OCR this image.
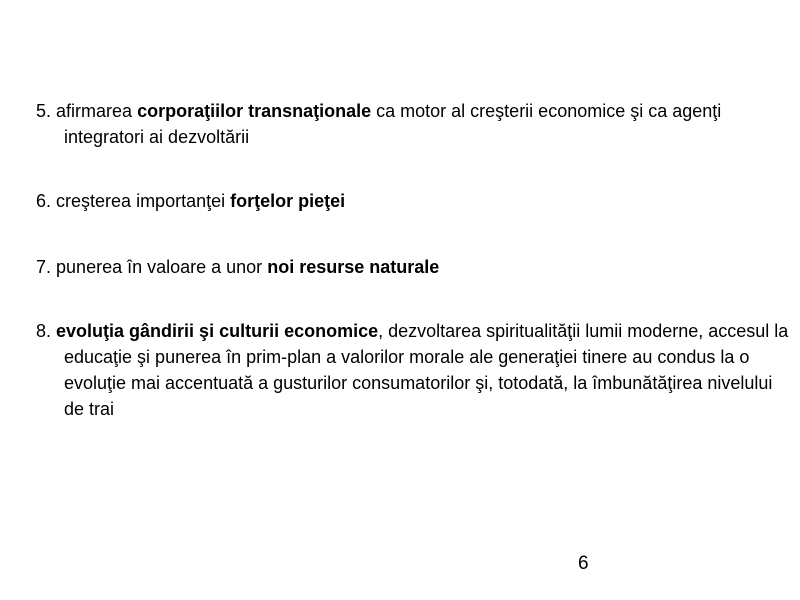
5. afirmarea corporaţiilor transnaţionale ca motor al creşterii economice şi ca agenţi integratori ai dezvoltării
6. creşterea importanţei forţelor pieţei
7. punerea în valoare a unor noi resurse naturale
8. evoluţia gândirii şi culturii economice, dezvoltarea spiritualităţii lumii moderne, accesul la educaţie şi punerea în prim-plan a valorilor morale ale generaţiei tinere au condus la o evoluţie mai accentuată a gusturilor consumatorilor şi, totodată, la îmbunătăţirea nivelului de trai
6
